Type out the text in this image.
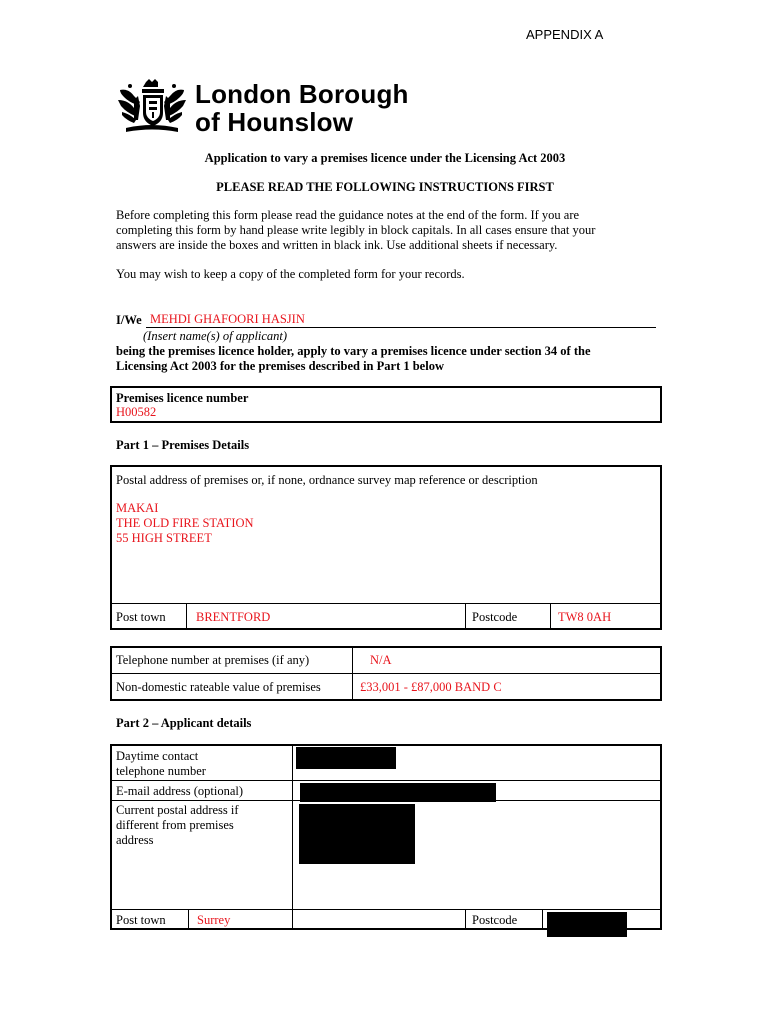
APPENDIX A
London Borough
of Hounslow
Application to vary a premises licence under the Licensing Act 2003
PLEASE READ THE FOLLOWING INSTRUCTIONS FIRST
Before completing this form please read the guidance notes at the end of the form. If you are
completing this form by hand please write legibly in block capitals. In all cases ensure that your
answers are inside the boxes and written in black ink. Use additional sheets if necessary.
You may wish to keep a copy of the completed form for your records.
I/We MEHDI GHAFOORI HASJIN
(Insert name(s) of applicant)
being the premises licence holder, apply to vary a premises licence under section 34 of the
Licensing Act 2003 for the premises described in Part 1 below
Premises licence number
H00582
Part 1 – Premises Details
Postal address of premises or, if none, ordnance survey map reference or description
MAKAI
THE OLD FIRE STATION
55 HIGH STREET
Post town BRENTFORD	Postcode	TW8 0AH
Telephone number at premises (if any)	N/A
Non-domestic rateable value of premises	£33,001 - £87,000 BAND C
Part 2 – Applicant details
Daytime contact
telephone number
E-mail address (optional)
Current postal address if
different from premises
address
Post town	Surrey	Postcode
